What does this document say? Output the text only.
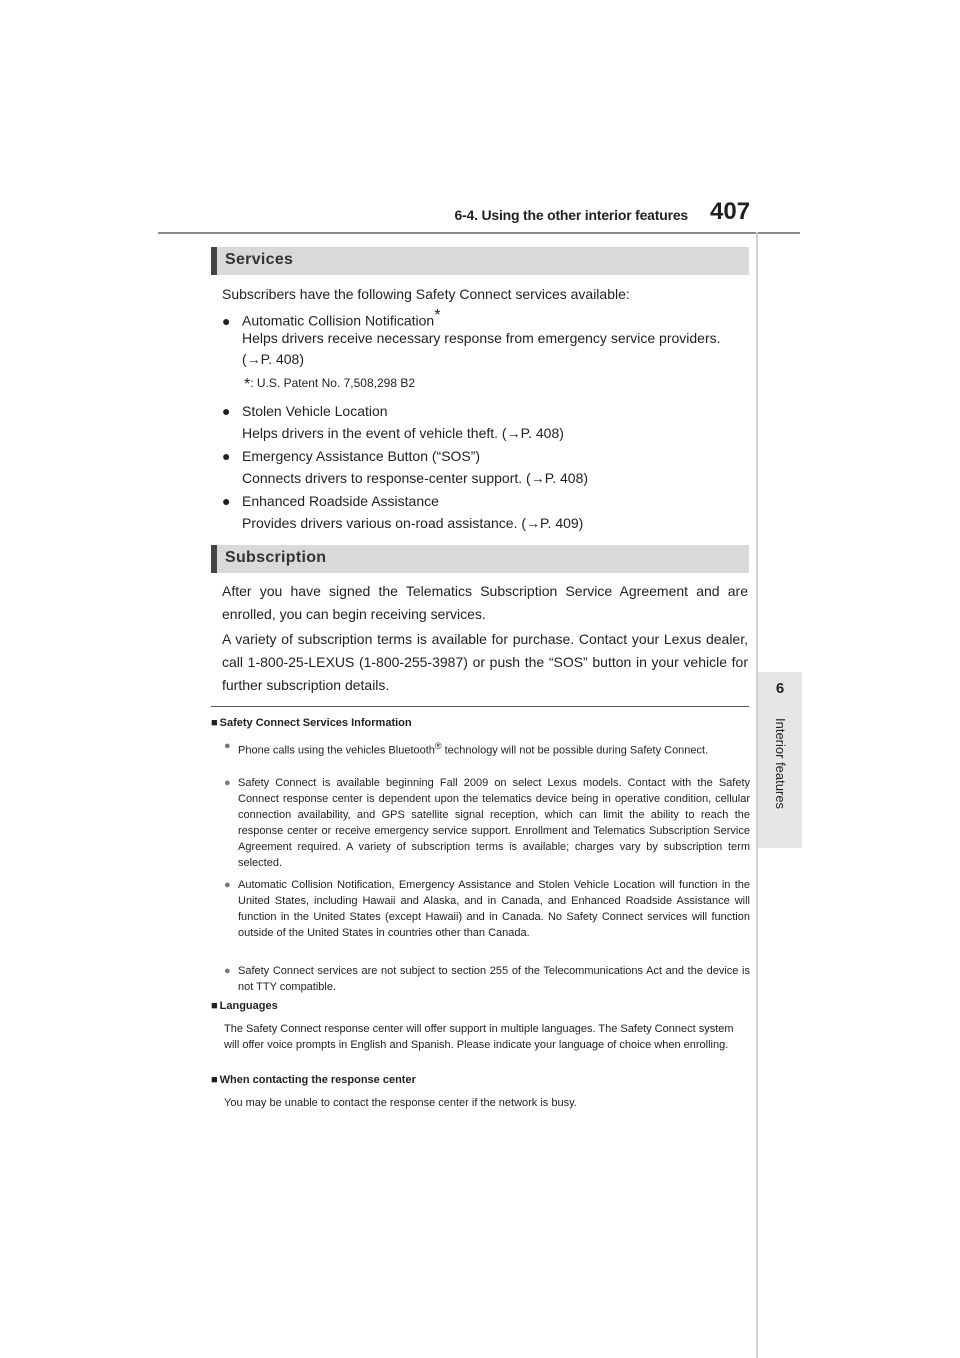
6-4. Using the other interior features 407
6
Interior features
Services
Subscribers have the following Safety Connect services available:
● Automatic Collision Notification*
Helps drivers receive necessary response from emergency service providers.
(→P. 408)
*: U.S. Patent No. 7,508,298 B2
● Stolen Vehicle Location
Helps drivers in the event of vehicle theft. (→P. 408)
● Emergency Assistance Button (“SOS”)
Connects drivers to response-center support. (→P. 408)
● Enhanced Roadside Assistance
Provides drivers various on-road assistance. (→P. 409)
Subscription
After you have signed the Telematics Subscription Service Agreement and are enrolled, you can begin receiving services.
A variety of subscription terms is available for purchase. Contact your Lexus dealer, call 1-800-25-LEXUS (1-800-255-3987) or push the “SOS” button in your vehicle for further subscription details.
■ Safety Connect Services Information
● Phone calls using the vehicles Bluetooth® technology will not be possible during Safety Connect.
● Safety Connect is available beginning Fall 2009 on select Lexus models. Contact with the Safety Connect response center is dependent upon the telematics device being in operative condition, cellular connection availability, and GPS satellite signal reception, which can limit the ability to reach the response center or receive emergency service support. Enrollment and Telematics Subscription Service Agreement required. A variety of subscription terms is available; charges vary by subscription term selected.
● Automatic Collision Notification, Emergency Assistance and Stolen Vehicle Location will function in the United States, including Hawaii and Alaska, and in Canada, and Enhanced Roadside Assistance will function in the United States (except Hawaii) and in Canada. No Safety Connect services will function outside of the United States in countries other than Canada.
● Safety Connect services are not subject to section 255 of the Telecommunications Act and the device is not TTY compatible.
■ Languages
The Safety Connect response center will offer support in multiple languages. The Safety Connect system will offer voice prompts in English and Spanish. Please indicate your language of choice when enrolling.
■ When contacting the response center
You may be unable to contact the response center if the network is busy.
